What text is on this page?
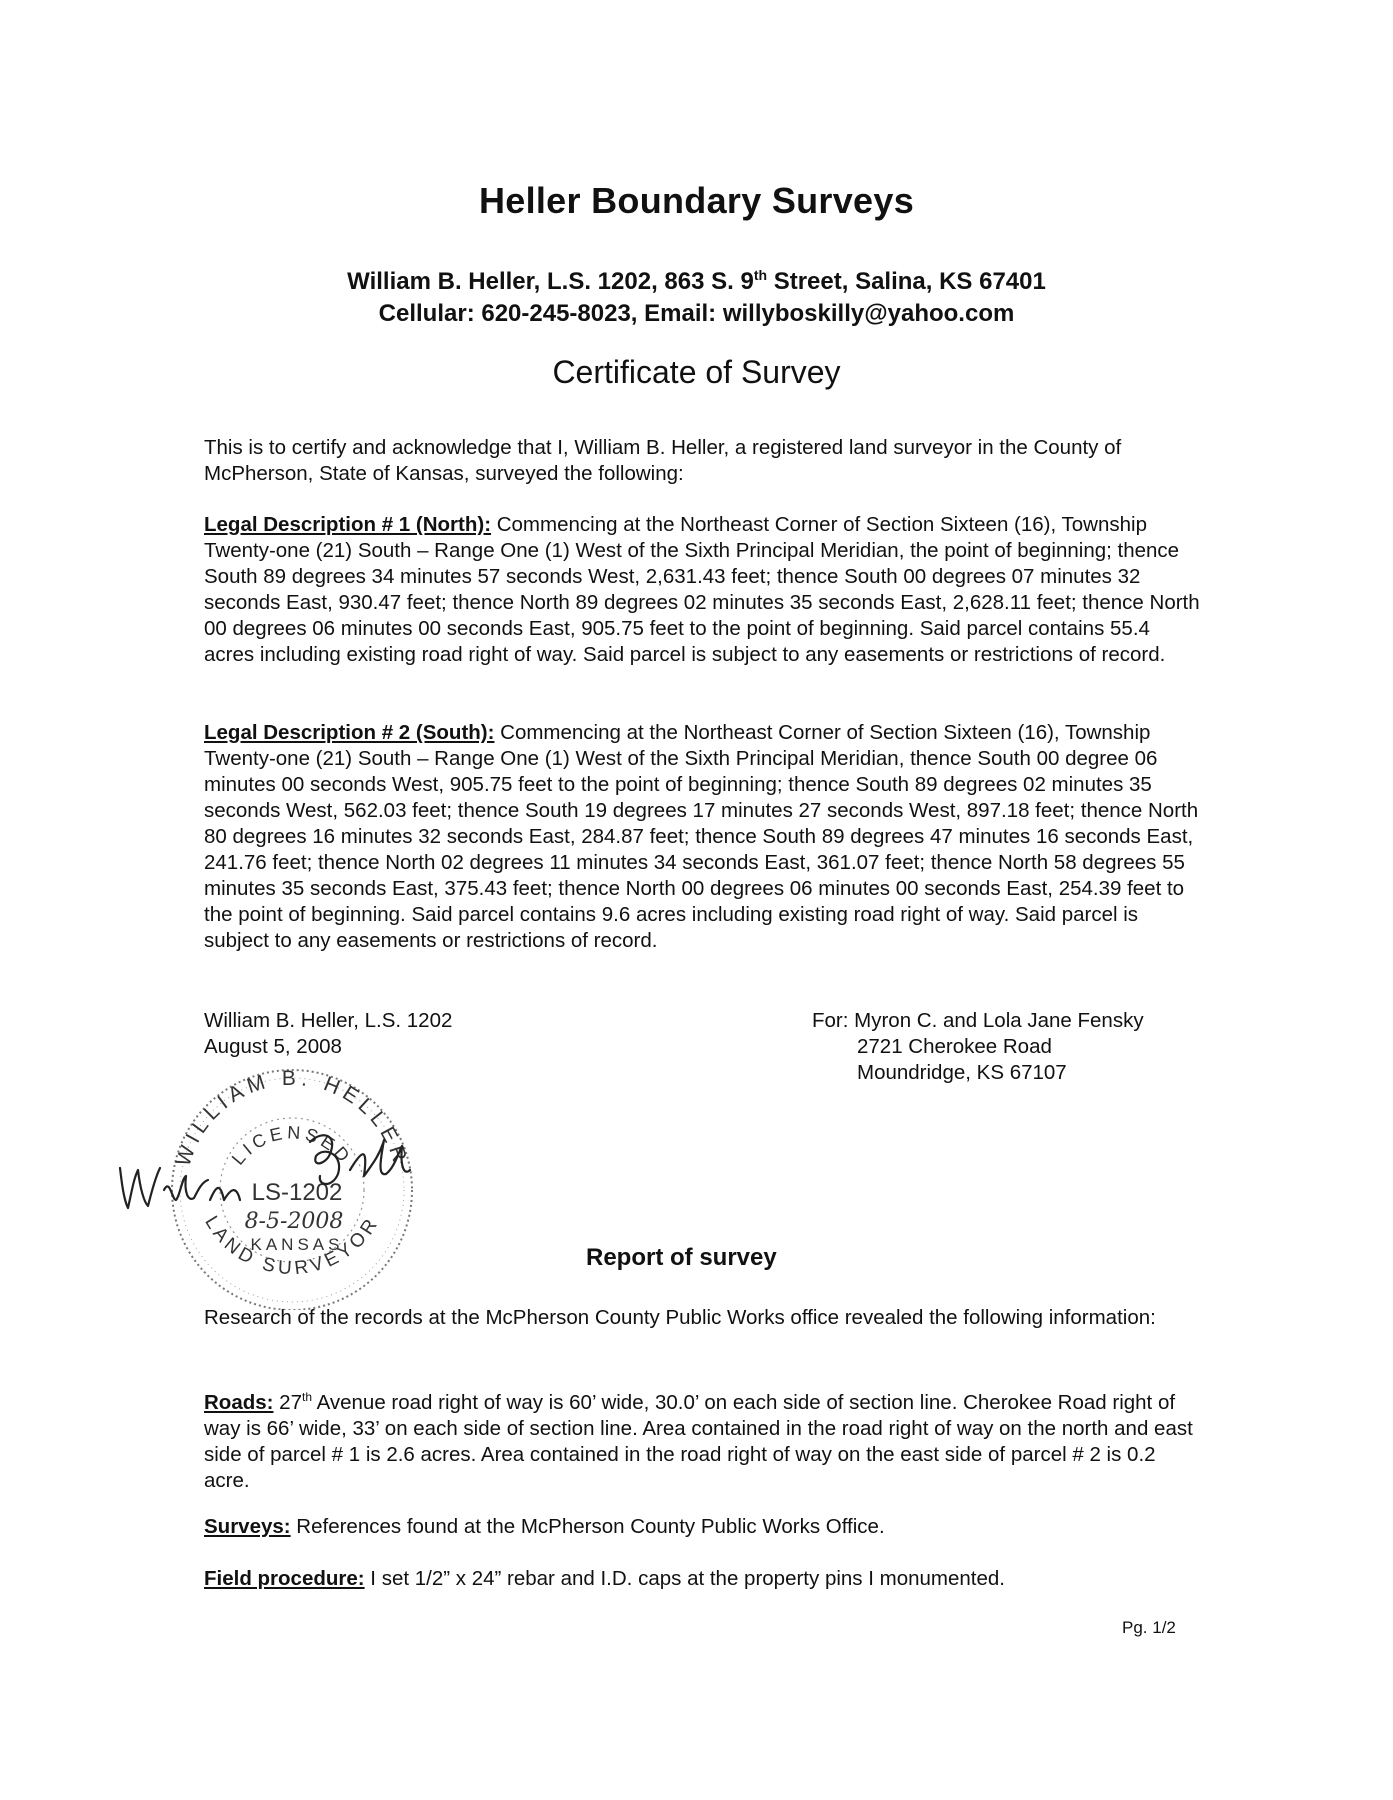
Heller Boundary Surveys
William B. Heller, L.S. 1202, 863 S. 9th Street, Salina, KS 67401
Cellular: 620-245-8023, Email: willyboskilly@yahoo.com
Certificate of Survey
This is to certify and acknowledge that I, William B. Heller, a registered land surveyor in the County of McPherson, State of Kansas, surveyed the following:
Legal Description # 1 (North): Commencing at the Northeast Corner of Section Sixteen (16), Township Twenty-one (21) South – Range One (1) West of the Sixth Principal Meridian, the point of beginning; thence South 89 degrees 34 minutes 57 seconds West, 2,631.43 feet; thence South 00 degrees 07 minutes 32 seconds East, 930.47 feet; thence North 89 degrees 02 minutes 35 seconds East, 2,628.11 feet; thence North 00 degrees 06 minutes 00 seconds East, 905.75 feet to the point of beginning. Said parcel contains 55.4 acres including existing road right of way. Said parcel is subject to any easements or restrictions of record.
Legal Description # 2 (South): Commencing at the Northeast Corner of Section Sixteen (16), Township Twenty-one (21) South – Range One (1) West of the Sixth Principal Meridian, thence South 00 degree 06 minutes 00 seconds West, 905.75 feet to the point of beginning; thence South 89 degrees 02 minutes 35 seconds West, 562.03 feet; thence South 19 degrees 17 minutes 27 seconds West, 897.18 feet; thence North 80 degrees 16 minutes 32 seconds East, 284.87 feet; thence South 89 degrees 47 minutes 16 seconds East, 241.76 feet; thence North 02 degrees 11 minutes 34 seconds East, 361.07 feet; thence North 58 degrees 55 minutes 35 seconds East, 375.43 feet; thence North 00 degrees 06 minutes 00 seconds East, 254.39 feet to the point of beginning. Said parcel contains 9.6 acres including existing road right of way. Said parcel is subject to any easements or restrictions of record.
William B. Heller, L.S. 1202
August 5, 2008
For: Myron C. and Lola Jane Fensky
2721 Cherokee Road
Moundridge, KS 67107
WILLIAM B. HELLER
LICENSED
LAND SURVEYOR
LS-1202
8-5-2008
KANSAS	Report of survey
Research of the records at the McPherson County Public Works office revealed the following information:
Roads: 27th Avenue road right of way is 60’ wide, 30.0’ on each side of section line. Cherokee Road right of way is 66’ wide, 33’ on each side of section line. Area contained in the road right of way on the north and east side of parcel # 1 is 2.6 acres. Area contained in the road right of way on the east side of parcel # 2 is 0.2 acre.
Surveys: References found at the McPherson County Public Works Office.
Field procedure: I set 1/2” x 24” rebar and I.D. caps at the property pins I monumented.
Pg. 1/2
